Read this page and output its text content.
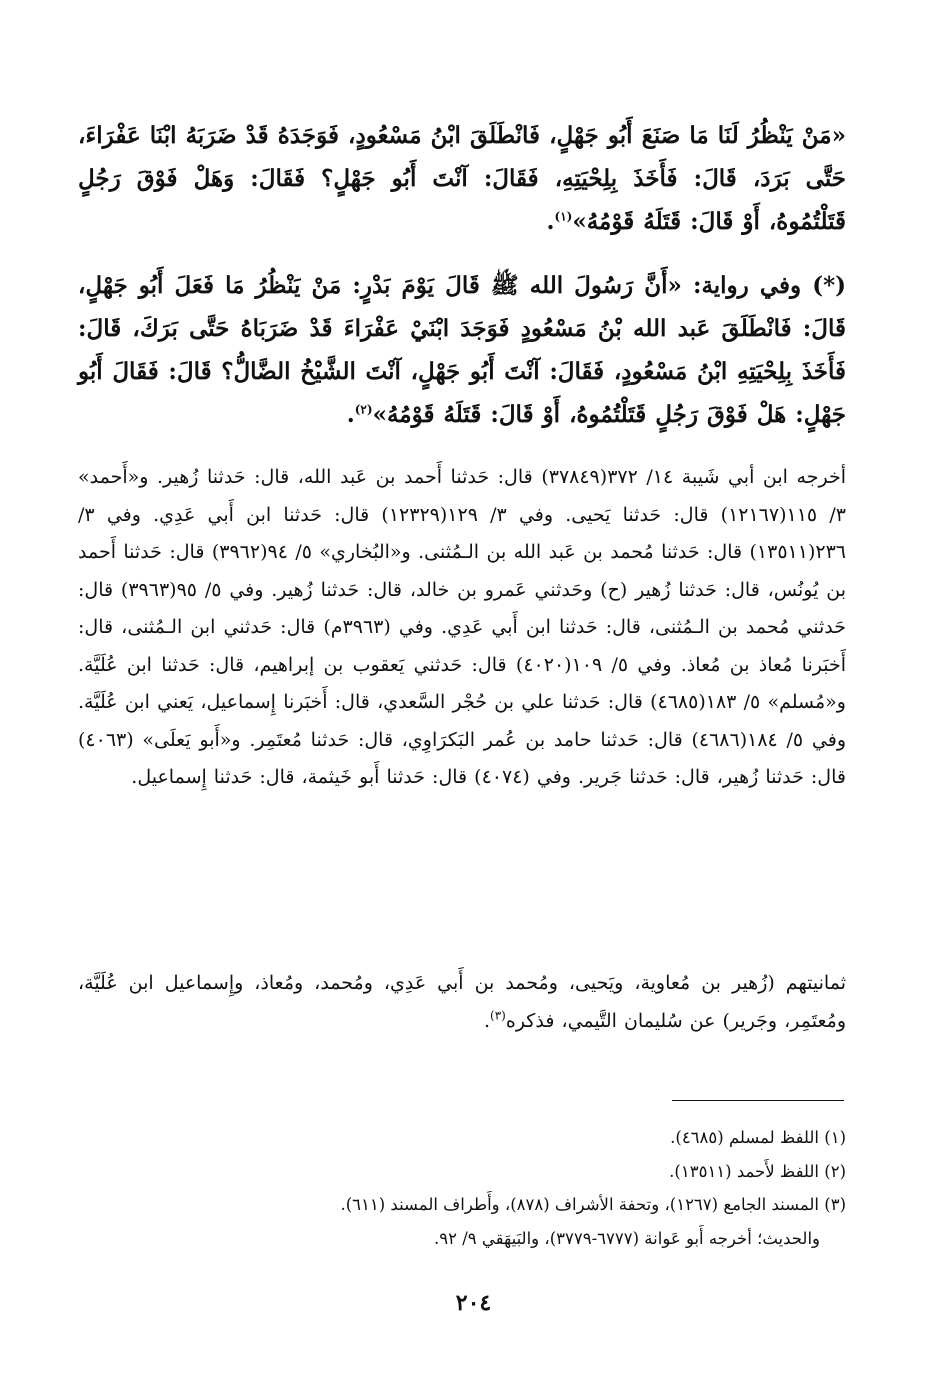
«مَنْ يَنْظُرُ لَنَا مَا صَنَعَ أَبُو جَهْلٍ، فَانْطَلَقَ ابْنُ مَسْعُودٍ، فَوَجَدَهُ قَدْ ضَرَبَهُ ابْنَا عَفْرَاءَ، حَتَّى بَرَدَ، قَالَ: فَأَخَذَ بِلِحْيَتِهِ، فَقَالَ: آنْتَ أَبُو جَهْلٍ؟ فَقَالَ: وَهَلْ فَوْقَ رَجُلٍ قَتَلْتُمُوهُ، أَوْ قَالَ: قَتَلَهُ قَوْمُهُ»$^{(١)}$.
(*) وفي رواية: «أَنَّ رَسُولَ الله ﷺ قَالَ يَوْمَ بَدْرٍ: مَنْ يَنْظُرُ مَا فَعَلَ أَبُو جَهْلٍ، قَالَ: فَانْطَلَقَ عَبد الله بْنُ مَسْعُودٍ فَوَجَدَ ابْنَيْ عَفْرَاءَ قَدْ ضَرَبَاهُ حَتَّى بَرَكَ، قَالَ: فَأَخَذَ بِلِحْيَتِهِ ابْنُ مَسْعُودٍ، فَقَالَ: آنْتَ أَبُو جَهْلٍ، آنْتَ الشَّيْخُ الضَّالُّ؟ قَالَ: فَقَالَ أَبُو جَهْلٍ: هَلْ فَوْقَ رَجُلٍ قَتَلْتُمُوهُ، أَوْ قَالَ: قَتَلَهُ قَوْمُهُ»$^{(٢)}$.
أخرجه ابن أبي شَيبة ١٤/ ٣٧٢(٣٧٨٤٩) قال: حَدثنا أَحمد بن عَبد الله، قال: حَدثنا زُهير. و«أَحمد» ٣/ ١١٥(١٢١٦٧) قال: حَدثنا يَحيى. وفي ٣/ ١٢٩(١٢٣٢٩) قال: حَدثنا ابن أَبي عَدِي. وفي ٣/ ٢٣٦(١٣٥١١) قال: حَدثنا مُحمد بن عَبد الله بن الـمُثنى. و«البُخاري» ٥/ ٩٤(٣٩٦٢) قال: حَدثنا أَحمد بن يُونُس، قال: حَدثنا زُهير (ح) وحَدثني عَمرو بن خالد، قال: حَدثنا زُهير. وفي ٥/ ٩٥(٣٩٦٣) قال: حَدثني مُحمد بن الـمُثنى، قال: حَدثنا ابن أَبي عَدِي. وفي (٣٩٦٣م) قال: حَدثني ابن الـمُثنى، قال: أَخبَرنا مُعاذ بن مُعاذ. وفي ٥/ ١٠٩(٤٠٢٠) قال: حَدثني يَعقوب بن إبراهيم، قال: حَدثنا ابن عُلَيَّة. و«مُسلم» ٥/ ١٨٣(٤٦٨٥) قال: حَدثنا علي بن حُجْر السَّعدي، قال: أَخبَرنا إِسماعيل، يَعني ابن عُلَيَّة. وفي ٥/ ١٨٤(٤٦٨٦) قال: حَدثنا حامد بن عُمر البَكرَاوِي، قال: حَدثنا مُعتَمِر. و«أَبو يَعلَى» (٤٠٦٣) قال: حَدثنا زُهير، قال: حَدثنا جَرير. وفي (٤٠٧٤) قال: حَدثنا أَبو خَيثمة، قال: حَدثنا إِسماعيل.
ثمانيتهم (زُهير بن مُعاوية، ويَحيى، ومُحمد بن أَبي عَدِي، ومُحمد، ومُعاذ، وإِسماعيل ابن عُلَيَّة، ومُعتَمِر، وجَرير) عن سُليمان التَّيمي، فذكره$^{(٣)}$.
(١) اللفظ لمسلم (٤٦٨٥).
(٢) اللفظ لأَحمد (١٣٥١١).
(٣) المسند الجامع (١٢٦٧)، وتحفة الأشراف (٨٧٨)، وأَطراف المسند (٦١١).
والحديث؛ أخرجه أَبو عَوانة (٦٧٧٧-٣٧٧٩)، والبَيهَقي ٩/ ٩٢.
٢٠٤
